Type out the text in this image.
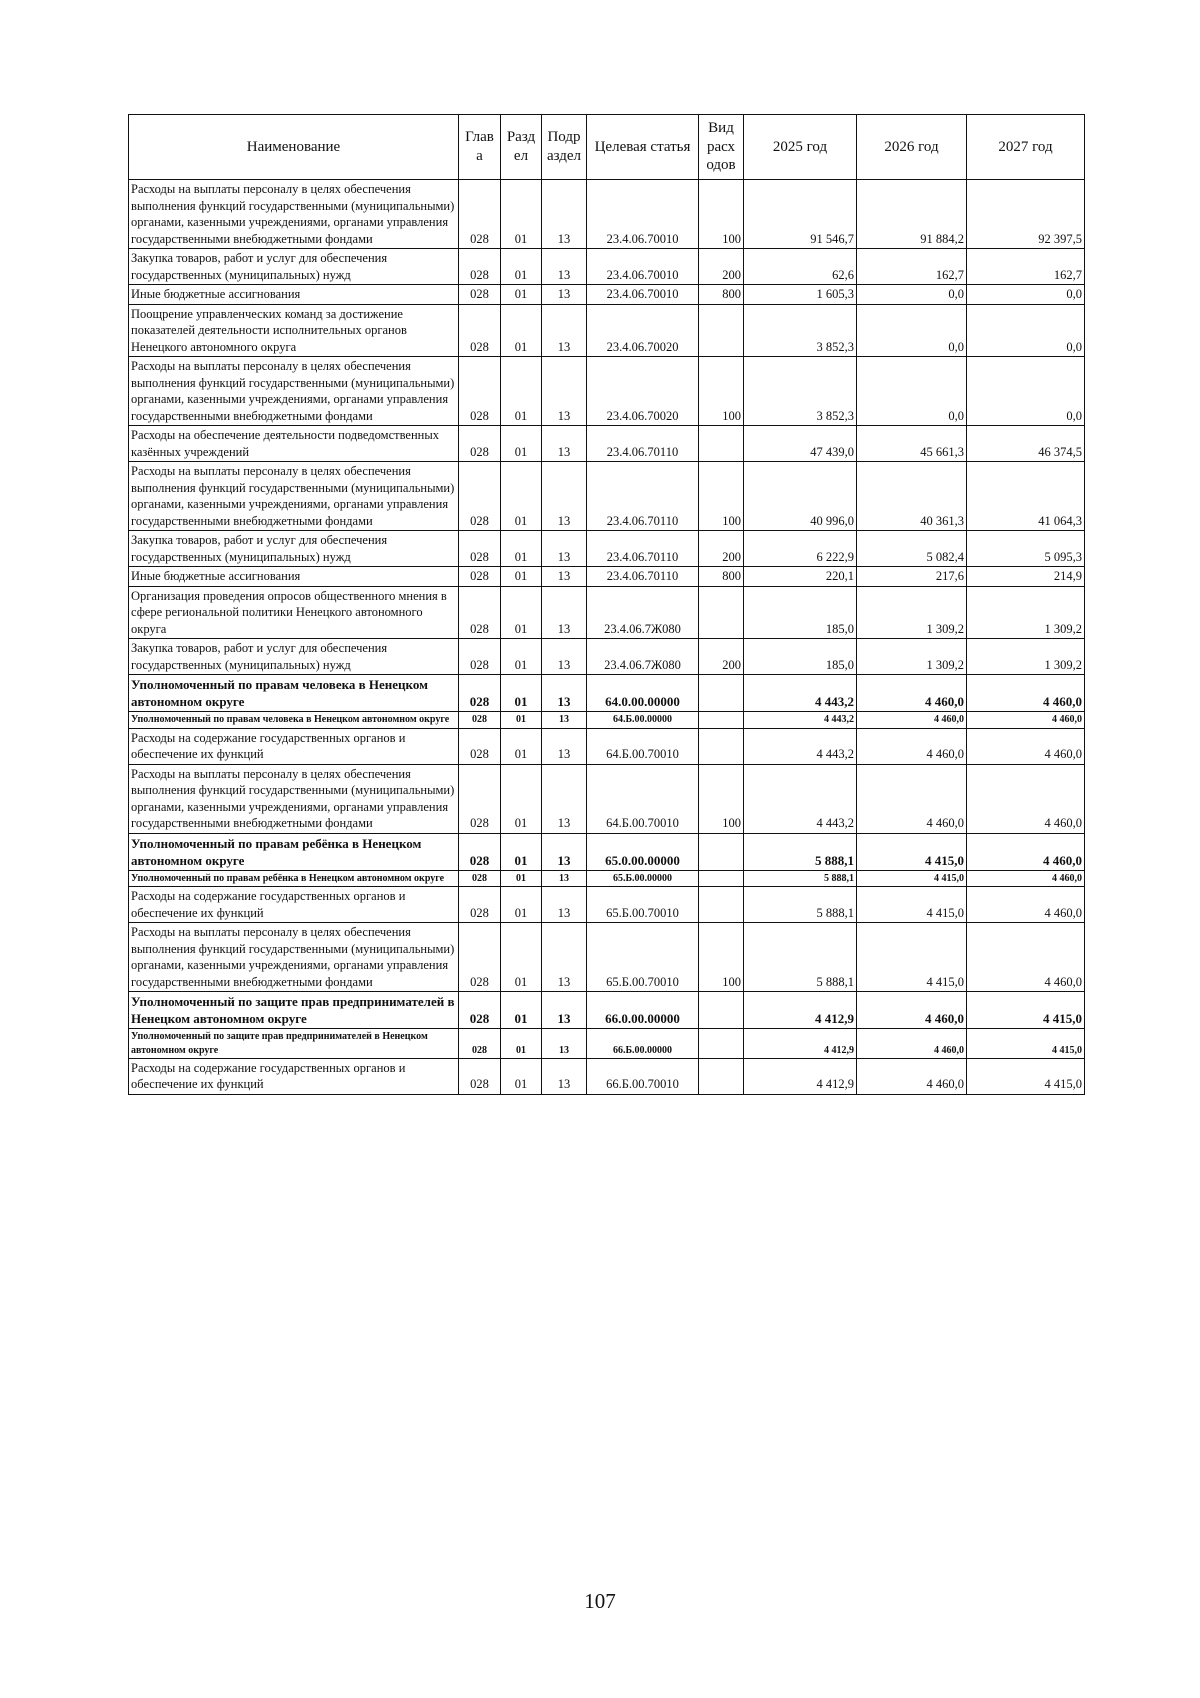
Наименование	Глав а	Разд ел	Подр аздел	Целевая статья	Вид расх одов	2025 год	2026 год	2027 год
Расходы на выплаты персоналу в целях обеспечения выполнения функций государственными (муниципальными) органами, казенными учреждениями, органами управления государственными внебюджетными фондами	028	01	13	23.4.06.70010	100	91 546,7	91 884,2	92 397,5
Закупка товаров, работ и услуг для обеспечения государственных (муниципальных) нужд	028	01	13	23.4.06.70010	200	62,6	162,7	162,7
Иные бюджетные ассигнования	028	01	13	23.4.06.70010	800	1 605,3	0,0	0,0
Поощрение управленческих команд за достижение показателей деятельности исполнительных органов Ненецкого автономного округа	028	01	13	23.4.06.70020		3 852,3	0,0	0,0
Расходы на выплаты персоналу в целях обеспечения выполнения функций государственными (муниципальными) органами, казенными учреждениями, органами управления государственными внебюджетными фондами	028	01	13	23.4.06.70020	100	3 852,3	0,0	0,0
Расходы на обеспечение деятельности подведомственных казённых учреждений	028	01	13	23.4.06.70110		47 439,0	45 661,3	46 374,5
Расходы на выплаты персоналу в целях обеспечения выполнения функций государственными (муниципальными) органами, казенными учреждениями, органами управления государственными внебюджетными фондами	028	01	13	23.4.06.70110	100	40 996,0	40 361,3	41 064,3
Закупка товаров, работ и услуг для обеспечения государственных (муниципальных) нужд	028	01	13	23.4.06.70110	200	6 222,9	5 082,4	5 095,3
Иные бюджетные ассигнования	028	01	13	23.4.06.70110	800	220,1	217,6	214,9
Организация проведения опросов общественного мнения в сфере региональной политики Ненецкого автономного округа	028	01	13	23.4.06.7Ж080		185,0	1 309,2	1 309,2
Закупка товаров, работ и услуг для обеспечения государственных (муниципальных) нужд	028	01	13	23.4.06.7Ж080	200	185,0	1 309,2	1 309,2
Уполномоченный по правам человека в Ненецком автономном округе	028	01	13	64.0.00.00000		4 443,2	4 460,0	4 460,0
Уполномоченный по правам человека в Ненецком автономном округе	028	01	13	64.Б.00.00000		4 443,2	4 460,0	4 460,0
Расходы на содержание государственных органов и обеспечение их функций	028	01	13	64.Б.00.70010		4 443,2	4 460,0	4 460,0
Расходы на выплаты персоналу в целях обеспечения выполнения функций государственными (муниципальными) органами, казенными учреждениями, органами управления государственными внебюджетными фондами	028	01	13	64.Б.00.70010	100	4 443,2	4 460,0	4 460,0
Уполномоченный по правам ребёнка в Ненецком автономном округе	028	01	13	65.0.00.00000		5 888,1	4 415,0	4 460,0
Уполномоченный по правам ребёнка в Ненецком автономном округе	028	01	13	65.Б.00.00000		5 888,1	4 415,0	4 460,0
Расходы на содержание государственных органов и обеспечение их функций	028	01	13	65.Б.00.70010		5 888,1	4 415,0	4 460,0
Расходы на выплаты персоналу в целях обеспечения выполнения функций государственными (муниципальными) органами, казенными учреждениями, органами управления государственными внебюджетными фондами	028	01	13	65.Б.00.70010	100	5 888,1	4 415,0	4 460,0
Уполномоченный по защите прав предпринимателей в Ненецком автономном округе	028	01	13	66.0.00.00000		4 412,9	4 460,0	4 415,0
Уполномоченный по защите прав предпринимателей в Ненецком автономном округе	028	01	13	66.Б.00.00000		4 412,9	4 460,0	4 415,0
Расходы на содержание государственных органов и обеспечение их функций	028	01	13	66.Б.00.70010		4 412,9	4 460,0	4 415,0
107
